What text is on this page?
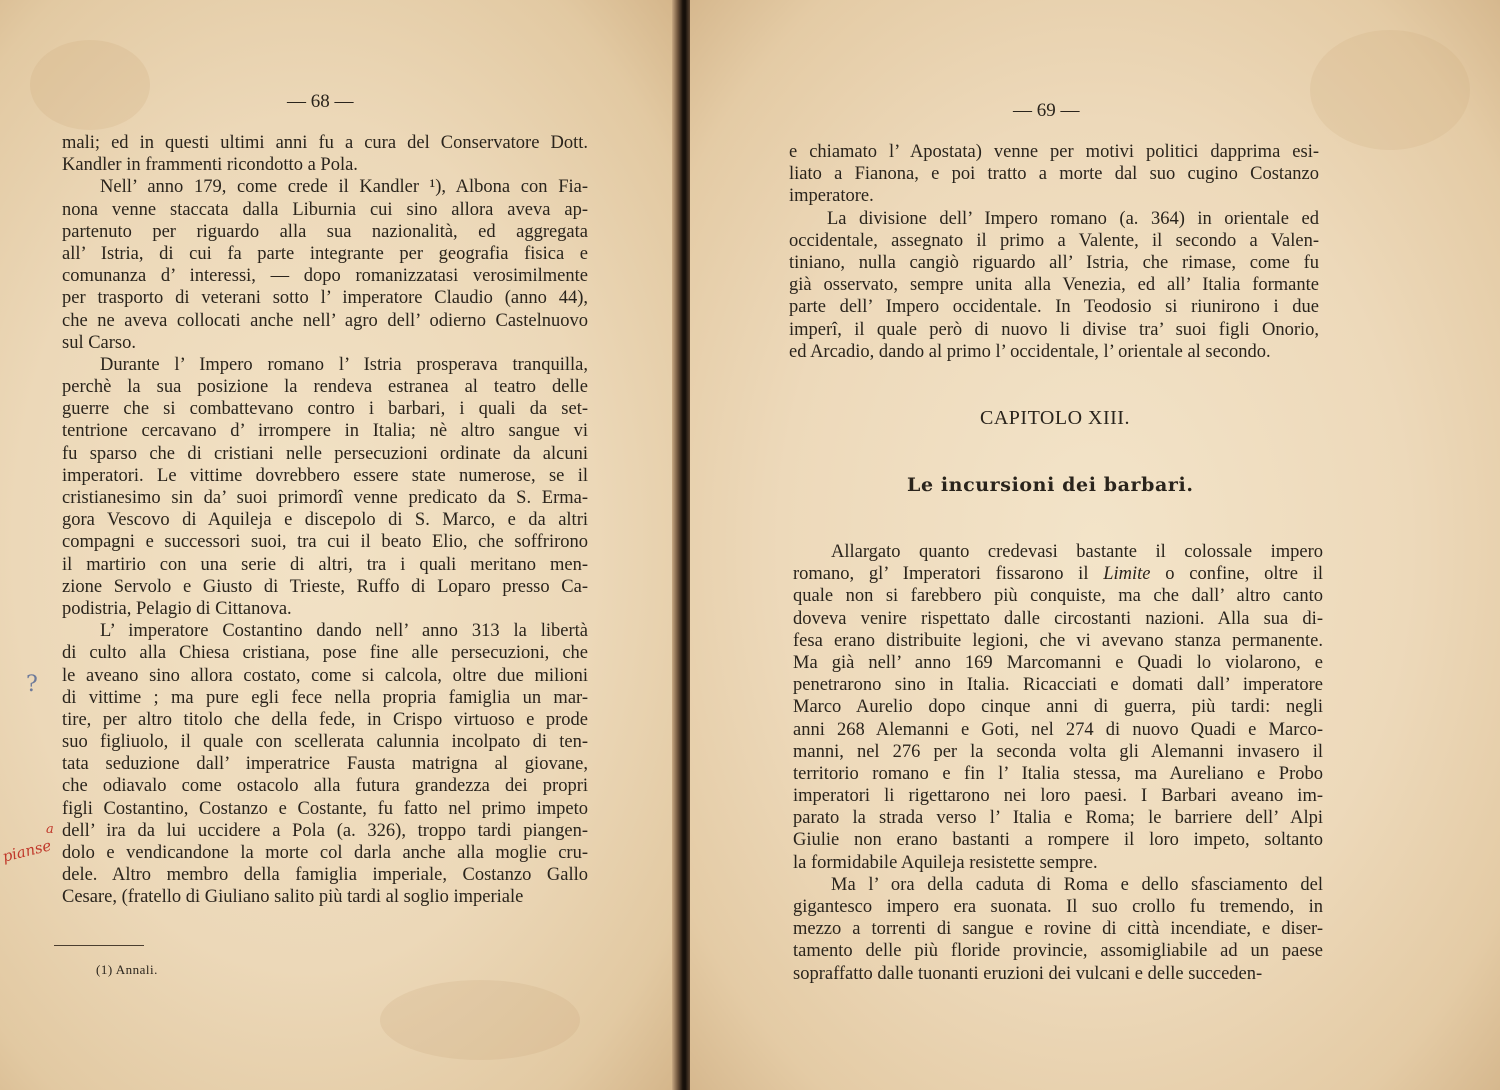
— 68 —
mali; ed in questi ultimi anni fu a cura del Conservatore Dott.
Kandler in frammenti ricondotto a Pola.
Nell’ anno 179, come crede il Kandler ¹), Albona con Fia-
nona venne staccata dalla Liburnia cui sino allora aveva ap-
partenuto per riguardo alla sua nazionalità, ed aggregata
all’ Istria, di cui fa parte integrante per geografia fisica e
comunanza d’ interessi, — dopo romanizzatasi verosimilmente
per trasporto di veterani sotto l’ imperatore Claudio (anno 44),
che ne aveva collocati anche nell’ agro dell’ odierno Castelnuovo
sul Carso.
Durante l’ Impero romano l’ Istria prosperava tranquilla,
perchè la sua posizione la rendeva estranea al teatro delle
guerre che si combattevano contro i barbari, i quali da set-
tentrione cercavano d’ irrompere in Italia; nè altro sangue vi
fu sparso che di cristiani nelle persecuzioni ordinate da alcuni
imperatori. Le vittime dovrebbero essere state numerose, se il
cristianesimo sin da’ suoi primordî venne predicato da S. Erma-
gora Vescovo di Aquileja e discepolo di S. Marco, e da altri
compagni e successori suoi, tra cui il beato Elio, che soffrirono
il martirio con una serie di altri, tra i quali meritano men-
zione Servolo e Giusto di Trieste, Ruffo di Loparo presso Ca-
podistria, Pelagio di Cittanova.
L’ imperatore Costantino dando nell’ anno 313 la libertà
di culto alla Chiesa cristiana, pose fine alle persecuzioni, che
le aveano sino allora costato, come si calcola, oltre due milioni
di vittime ; ma pure egli fece nella propria famiglia un mar-
tire, per altro titolo che della fede, in Crispo virtuoso e prode
suo figliuolo, il quale con scellerata calunnia incolpato di ten-
tata seduzione dall’ imperatrice Fausta matrigna al giovane,
che odiavalo come ostacolo alla futura grandezza dei propri
figli Costantino, Costanzo e Costante, fu fatto nel primo impeto
dell’ ira da lui uccidere a Pola (a. 326), troppo tardi piangen-
dolo e vendicandone la morte col darla anche alla moglie cru-
dele. Altro membro della famiglia imperiale, Costanzo Gallo
Cesare, (fratello di Giuliano salito più tardi al soglio imperiale
(1) Annali.
?
a
pianse
— 69 —
e chiamato l’ Apostata) venne per motivi politici dapprima esi-
liato a Fianona, e poi tratto a morte dal suo cugino Costanzo
imperatore.
La divisione dell’ Impero romano (a. 364) in orientale ed
occidentale, assegnato il primo a Valente, il secondo a Valen-
tiniano, nulla cangiò riguardo all’ Istria, che rimase, come fu
già osservato, sempre unita alla Venezia, ed all’ Italia formante
parte dell’ Impero occidentale. In Teodosio si riunirono i due
imperî, il quale però di nuovo li divise tra’ suoi figli Onorio,
ed Arcadio, dando al primo l’ occidentale, l’ orientale al secondo.
CAPITOLO XIII.
Le incursioni dei barbari.
Allargato quanto credevasi bastante il colossale impero
romano, gl’ Imperatori fissarono il Limite o confine, oltre il
quale non si farebbero più conquiste, ma che dall’ altro canto
doveva venire rispettato dalle circostanti nazioni. Alla sua di-
fesa erano distribuite legioni, che vi avevano stanza permanente.
Ma già nell’ anno 169 Marcomanni e Quadi lo violarono, e
penetrarono sino in Italia. Ricacciati e domati dall’ imperatore
Marco Aurelio dopo cinque anni di guerra, più tardi: negli
anni 268 Alemanni e Goti, nel 274 di nuovo Quadi e Marco-
manni, nel 276 per la seconda volta gli Alemanni invasero il
territorio romano e fin l’ Italia stessa, ma Aureliano e Probo
imperatori li rigettarono nei loro paesi. I Barbari aveano im-
parato la strada verso l’ Italia e Roma; le barriere dell’ Alpi
Giulie non erano bastanti a rompere il loro impeto, soltanto
la formidabile Aquileja resistette sempre.
Ma l’ ora della caduta di Roma e dello sfasciamento del
gigantesco impero era suonata. Il suo crollo fu tremendo, in
mezzo a torrenti di sangue e rovine di città incendiate, e diser-
tamento delle più floride provincie, assomigliabile ad un paese
sopraffatto dalle tuonanti eruzioni dei vulcani e delle succeden-
